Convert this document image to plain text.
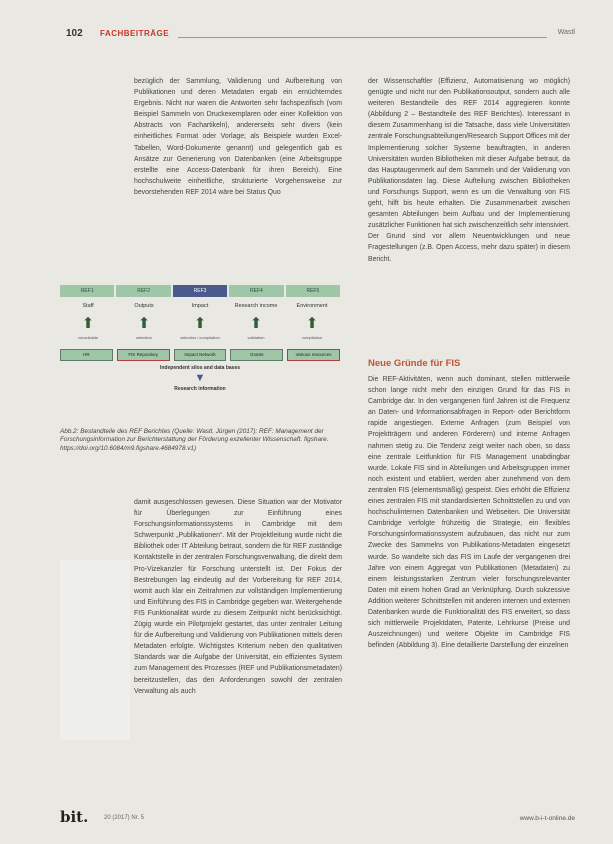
102 FACHBEITRÄGE	Wastl

bezüglich der Sammlung, Validierung und Aufbereitung von Publikationen und deren Metadaten ergab ein ernüchterndes Ergebnis. Nicht nur waren die Antworten sehr fachspezifisch (vom Beispiel Sammeln von Druckexemplaren oder einer Kollektion von Abstracts von Fachartikeln), andererseits sehr divers (kein einheitliches Format oder Vorlage; als Beispiele wurden Excel-Tabellen, Word-Dokumente genannt) und gelegentlich gab es Ansätze zur Generierung von Datenbanken (eine Arbeitsgruppe erstellte eine Access-Datenbank für ihren Bereich). Eine hochschulweite einheitliche, strukturierte Vorgehensweise zur bevorstehenden REF 2014 wäre bei Status Quo

REF1	REF2	REF3	REF4	REF5
Staff	Outputs	Impact	Research income	Environment
⬆	⬆	⬆	⬆	⬆
consolidate	selection	selection / compilation	validation	compilation
HR	FIS Repository	Impact Network	Grants	Various resources
Independent silos and data bases
▼
Research information
Abb.2: Bestandteile des REF Berichtes (Quelle: Wastl, Jürgen (2017): REF: Management der Forschungsinformation zur Berichterstattung der Förderung exzellenter Wissenschaft. figshare. https://doi.org/10.6084/m9.figshare.4684978.v1)

damit ausgeschlossen gewesen. Diese Situation war der Motivator für Überlegungen zur Einführung eines Forschungsinformationssystems in Cambridge mit dem Schwerpunkt „Publikationen“. Mit der Projektleitung wurde nicht die Bibliothek oder IT Abteilung betraut, sondern die für REF zuständige Kontaktstelle in der zentralen Forschungsverwaltung, die direkt dem Pro-Vizekanzler für Forschung unterstellt ist. Der Fokus der Bestrebungen lag eindeutig auf der Vorbereitung für REF 2014, womit auch klar ein Zeitrahmen zur vollständigen Implementierung und Einführung des FIS in Cambridge gegeben war. Weitergehende FIS Funktionalität wurde zu diesem Zeitpunkt nicht berücksichtigt. Zügig wurde ein Pilotprojekt gestartet, das unter zentraler Leitung für die Aufbereitung und Validierung von Publikationen mittels deren Metadaten erfolgte. Wichtigstes Kriterium neben den qualitativen Standards war die Aufgabe der Universität, ein effizientes System zum Management des Prozesses (REF und Publikationsmetadaten) bereitzustellen, das den Anforderungen sowohl der zentralen Verwaltung als auch

der Wissenschaftler (Effizienz, Automatisierung wo möglich) genügte und nicht nur den Publikationsoutput, sondern auch alle weiteren Bestandteile des REF 2014 aggregieren konnte (Abbildung 2 – Bestandteile des REF Berichtes). Interessant in diesem Zusammenhang ist die Tatsache, dass viele Universitäten zentrale Forschungsabteilungen/Research Support Offices mit der Implementierung solcher Systeme beauftragten, in anderen Universitäten wurden Bibliotheken mit dieser Aufgabe betraut, da das Hauptaugenmerk auf dem Sammeln und der Validierung von Publikationsdaten lag. Diese Aufteilung zwischen Bibliotheken und Forschungs Support, wenn es um die Verwaltung von FIS geht, hilft bis heute erhalten. Die Zusammenarbeit zwischen gesamten Abteilungen beim Aufbau und der Implementierung zusätzlicher Funktionen hat sich zwischenzeitlich sehr intensiviert. Der Grund sind vor allem Neuentwicklungen und neue Fragestellungen (z.B. Open Access, mehr dazu später) in diesem Bericht.

Neue Gründe für FIS

Die REF-Aktivitäten, wenn auch dominant, stellen mittlerweile schon lange nicht mehr den einzigen Grund für das FIS in Cambridge dar. In den vergangenen fünf Jahren ist die Frequenz an Daten- und Informationsabfragen in Report- oder Berichtform rapide angestiegen. Externe Anfragen (zum Beispiel von Projektträgern und anderen Förderern) und interne Anfragen nahmen stetig zu. Die Tendenz zeigt weiter nach oben, so dass eine zentrale Leitfunktion für FIS Management unabdingbar wurde. Lokale FIS sind in Abteilungen und Arbeitsgruppen immer noch existent und etabliert, werden aber zunehmend von dem zentralen FIS (elementsmäßig) gespeist. Dies erhöht die Effizienz eines zentralen FIS mit standardisierten Schnittstellen zu und von hochschulinternen Datenbanken und Webseiten. Die Universität Cambridge verfolgte frühzeitig die Strategie, ein flexibles Forschungsinformationssystem aufzubauen, das nicht nur zum Zwecke des Sammelns von Publikations-Metadaten eingesetzt wurde. So wandelte sich das FIS im Laufe der vergangenen drei Jahre von einem Aggregat von Publikationen (Metadaten) zu einem leistungsstarken Zentrum vieler forschungsrelevanter Daten mit einem hohen Grad an Verknüpfung. Durch sukzessive Addition weiterer Schnittstellen mit anderen internen und externen Datenbanken wurde die Funktionalität des FIS erweitert, so dass sich mittlerweile Projektdaten, Patente, Lehrkurse (Preise und Auszeichnungen) und weitere Objekte im Cambridge FIS befinden (Abbildung 3). Eine detaillierte Darstellung der einzelnen

bit.	20 (2017) Nr. 5	www.b-i-t-online.de
